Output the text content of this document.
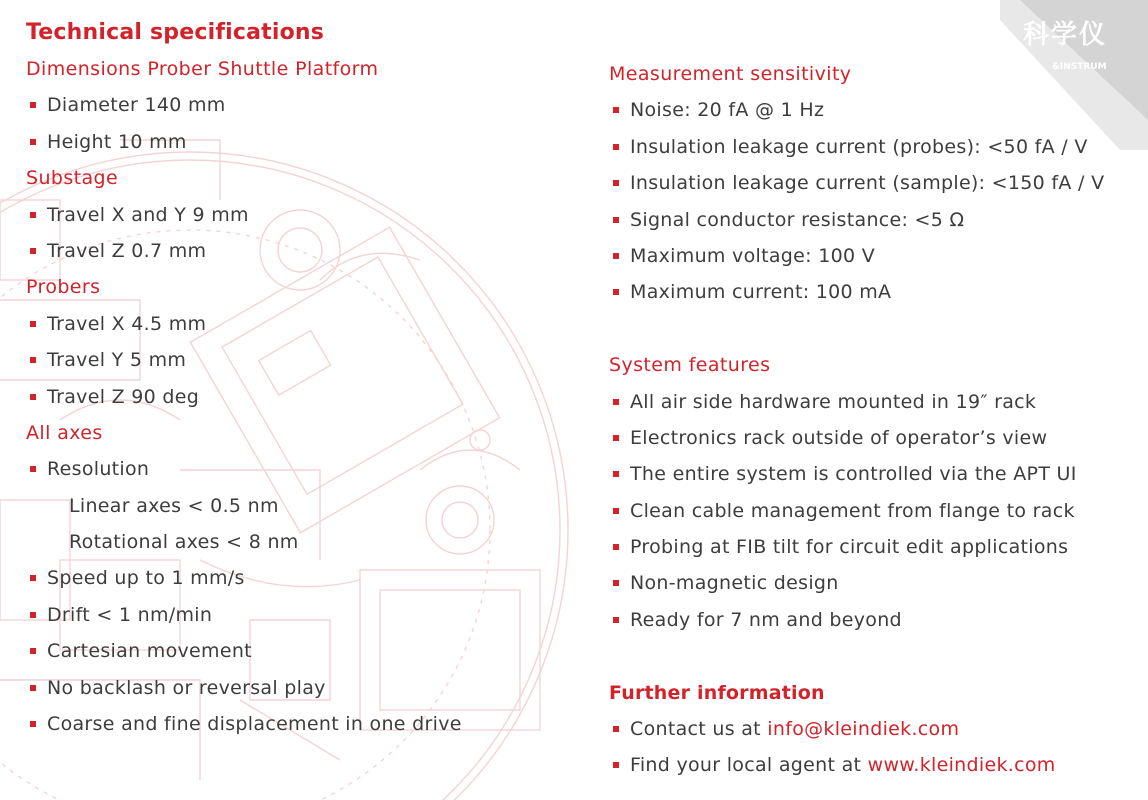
科学仪
&INSTRUM
Technical specifications
Dimensions Prober Shuttle Platform
Diameter 140 mm
Height 10 mm
Substage
Travel X and Y 9 mm
Travel Z 0.7 mm
Probers
Travel X 4.5 mm
Travel Y 5 mm
Travel Z 90 deg
All axes
Resolution
Linear axes < 0.5 nm
Rotational axes < 8 nm
Speed up to 1 mm/s
Drift < 1 nm/min
Cartesian movement
No backlash or reversal play
Coarse and fine displacement in one drive
Measurement sensitivity
Noise: 20 fA @ 1 Hz
Insulation leakage current (probes): <50 fA / V
Insulation leakage current (sample): <150 fA / V
Signal conductor resistance: <5 Ω
Maximum voltage: 100 V
Maximum current: 100 mA
System features
All air side hardware mounted in 19″ rack
Electronics rack outside of operator’s view
The entire system is controlled via the APT UI
Clean cable management from flange to rack
Probing at FIB tilt for circuit edit applications
Non-magnetic design
Ready for 7 nm and beyond
Further information
Contact us at info@kleindiek.com
Find your local agent at www.kleindiek.com
